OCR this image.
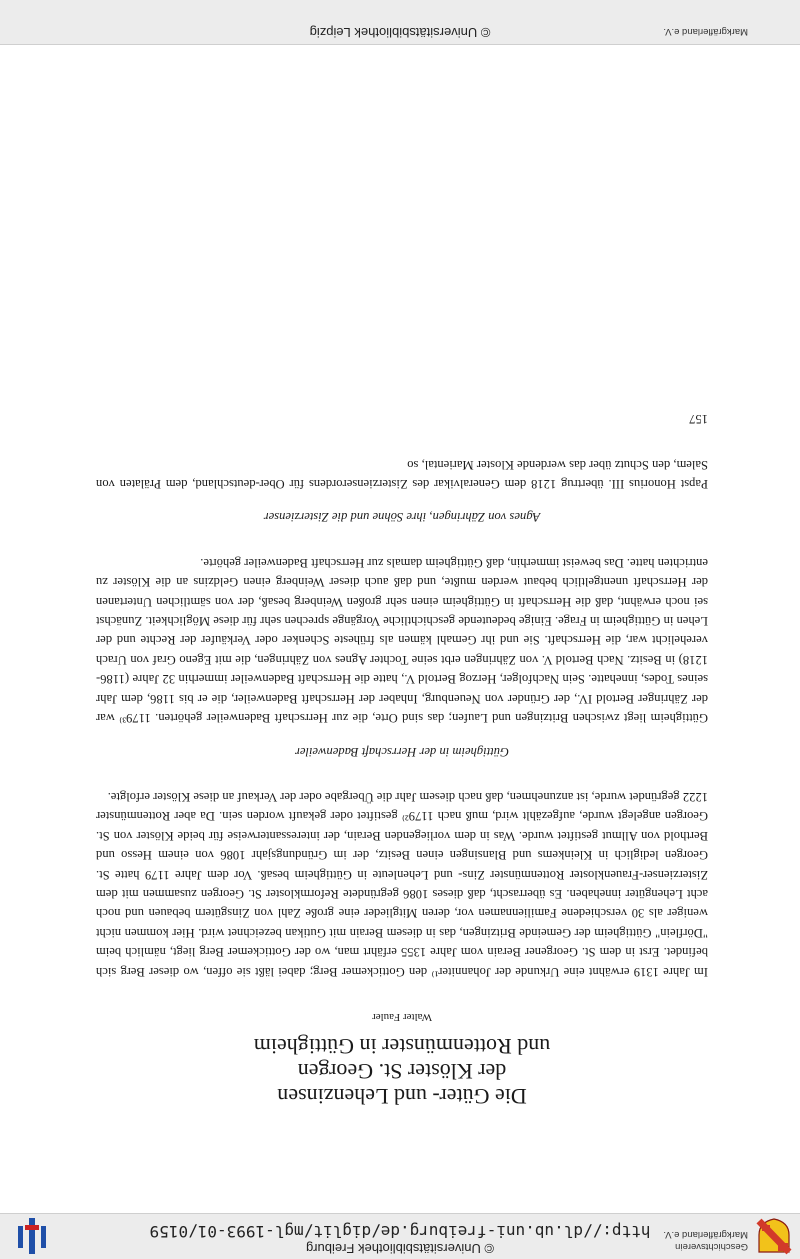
Geschichtsverein
Markgräflerland e.V.
© Universitätsbibliothek Freiburg
http://dl.ub.uni-freiburg.de/diglit/mgl-1993-01/0159
Die Güter- und Lehenzinsen
der Klöster St. Georgen
und Rottenmünster in Güttigheim
Walter Fauler

Im Jahre 1319 erwähnt eine Urkunde der Johanniter¹⁾ den Gottickemer Berg; dabei läßt sie offen, wo dieser Berg sich befindet. Erst in dem St. Georgener Berain vom Jahre 1355 erfährt man, wo der Gottickemer Berg liegt, nämlich beim "Dörflein" Güttigheim der Gemeinde Britzingen, das in diesem Berain mit Gutikan bezeichnet wird. Hier kommen nicht weniger als 30 verschiedene Familiennamen vor, deren Mitglieder eine große Zahl von Zinsgütern bebauen und noch acht Lehengüter innehaben. Es überrascht, daß dieses 1086 gegründete Reformkloster St. Georgen zusammen mit dem Zisterzienser-Frauenkloster Rottenmünster Zins- und Lehenleute in Güttigheim besaß. Vor dem Jahre 1179 hatte St. Georgen lediglich in Kleinkems und Blansingen einen Besitz, der im Gründungsjahr 1086 von einem Hesso und Berthold von Allmut gestiftet wurde. Was in dem vorliegenden Berain, der interessanterweise für beide Klöster von St. Georgen angelegt wurde, aufgezählt wird, muß nach 1179²⁾ gestiftet oder gekauft worden sein. Da aber Rottenmünster 1222 gegründet wurde, ist anzunehmen, daß nach diesem Jahr die Übergabe oder der Verkauf an diese Klöster erfolgte.

Güttigheim in der Herrschaft Badenweiler

Güttigheim liegt zwischen Britzingen und Laufen; das sind Orte, die zur Herrschaft Badenweiler gehörten. 1179³⁾ war der Zähringer Bertold IV., der Gründer von Neuenburg, Inhaber der Herrschaft Badenweiler, die er bis 1186, dem Jahr seines Todes, innehatte. Sein Nachfolger, Herzog Bertold V., hatte die Herrschaft Badenweiler immerhin 32 Jahre (1186-1218) in Besitz. Nach Bertold V. von Zähringen erbt seine Tochter Agnes von Zähringen, die mit Egeno Graf von Urach verehelicht war, die Herrschaft. Sie und ihr Gemahl kämen als früheste Schenker oder Verkäufer der Rechte und der Lehen in Güttigheim in Frage. Einige bedeutende geschichtliche Vorgänge sprechen sehr für diese Möglichkeit. Zunächst sei noch erwähnt, daß die Herrschaft in Güttigheim einen sehr großen Weinberg besaß, der von sämtlichen Untertanen der Herrschaft unentgeltlich bebaut werden mußte, und daß auch dieser Weinberg einen Geldzins an die Klöster zu entrichten hatte. Das beweist immerhin, daß Güttigheim damals zur Herrschaft Badenweiler gehörte.

Agnes von Zähringen, ihre Söhne und die Zisterzienser

Papst Honorius III. übertrug 1218 dem Generalvikar des Zisterzienserordens für Ober-deutschland, dem Prälaten von Salem, den Schutz über das werdende Kloster Mariental, so

157
Markgräflerland e.V.
© Universitätsbibliothek Leipzig
